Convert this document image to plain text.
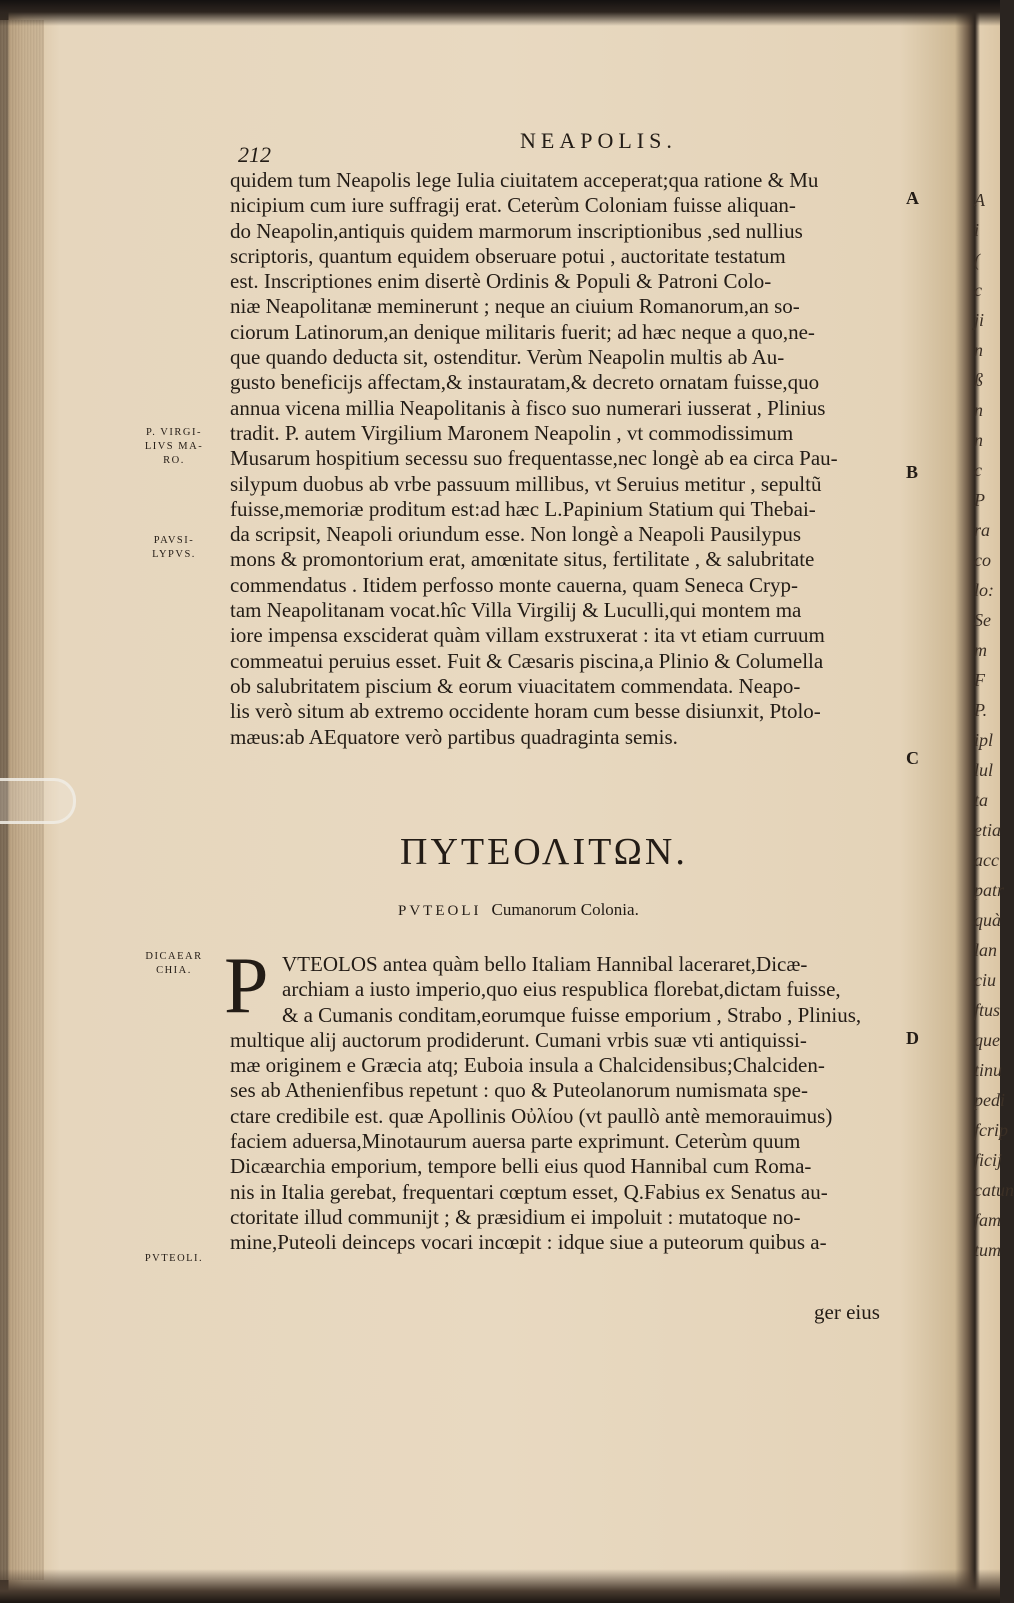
A
i
(
c
ji
n
ß
n
n
c
P
ra
co
lo:
Se
m
F
P.
ipl
lul
ta
etia
acc
patr
quà
lan
ciu
ftus
que
tinu
pedi
fcrip
ficij
catun
fam
tum
212
NEAPOLIS.
quidem tum Neapolis lege Iulia ciuitatem acceperat;qua ratione & Mu
nicipium cum iure suffragij erat. Ceterùm Coloniam fuisse aliquan-
do Neapolin,antiquis quidem marmorum inscriptionibus ,sed nullius
scriptoris, quantum equidem obseruare potui , auctoritate testatum
est. Inscriptiones enim disertè Ordinis & Populi & Patroni Colo-
niæ Neapolitanæ meminerunt ; neque an ciuium Romanorum,an so-
ciorum Latinorum,an denique militaris fuerit; ad hæc neque a quo,ne-
que quando deducta sit, ostenditur. Verùm Neapolin multis ab Au-
gusto beneficijs affectam,& instauratam,& decreto ornatam fuisse,quo
annua vicena millia Neapolitanis à fisco suo numerari iusserat , Plinius
tradit. P. autem Virgilium Maronem Neapolin , vt commodissimum
Musarum hospitium secessu suo frequentasse,nec longè ab ea circa Pau-
silypum duobus ab vrbe passuum millibus, vt Seruius metitur , sepultũ
fuisse,memoriæ proditum est:ad hæc L.Papinium Statium qui Thebai-
da scripsit, Neapoli oriundum esse. Non longè a Neapoli Pausilypus
mons & promontorium erat, amœnitate situs, fertilitate , & salubritate
commendatus . Itidem perfosso monte cauerna, quam Seneca Cryp-
tam Neapolitanam vocat.hîc Villa Virgilij & Luculli,qui montem ma
iore impensa exsciderat quàm villam exstruxerat : ita vt etiam curruum
commeatui peruius esset. Fuit & Cæsaris piscina,a Plinio & Columella
ob salubritatem piscium & eorum viuacitatem commendata. Neapo-
lis verò situm ab extremo occidente horam cum besse disiunxit, Ptolo-
mæus:ab AEquatore verò partibus quadraginta semis.
P. VIRGI-
LIVS MA-
RO.
PAVSI-
LYPVS.
DICAEAR
CHIA.
PVTEOLI.
A
B
C
D
ΠΥΤΕΟΛΙΤΩΝ.
PVTEOLI Cumanorum Colonia.
P VTEOLOS antea quàm bello Italiam Hannibal laceraret,Dicæ-
archiam a iusto imperio,quo eius respublica florebat,dictam fuisse,
& a Cumanis conditam,eorumque fuisse emporium , Strabo , Plinius,
multique alij auctorum prodiderunt. Cumani vrbis suæ vti antiquissi-
mæ originem e Græcia atq; Euboia insula a Chalcidensibus;Chalciden-
ses ab Athenienfibus repetunt : quo & Puteolanorum numismata spe-
ctare credibile est. quæ Apollinis Οὐλίου (vt paullò antè memorauimus)
faciem aduersa,Minotaurum auersa parte exprimunt. Ceterùm quum
Dicæarchia emporium, tempore belli eius quod Hannibal cum Roma-
nis in Italia gerebat, frequentari cœptum esset, Q.Fabius ex Senatus au-
ctoritate illud communijt ; & præsidium ei impoluit : mutatoque no-
mine,Puteoli deinceps vocari incœpit : idque siue a puteorum quibus a-
ger eius
